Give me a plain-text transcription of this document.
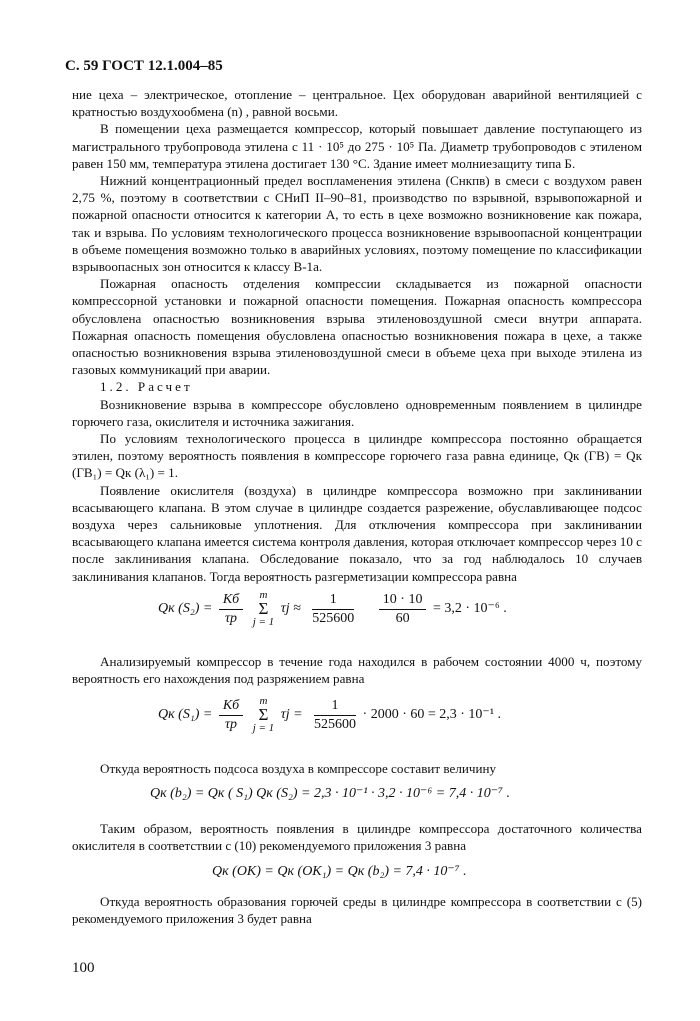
С. 59 ГОСТ 12.1.004–85

ние цеха – электрическое, отопление – центральное. Цех оборудован аварийной вентиляцией с кратностью воздухообмена (n) , равной восьми.

В помещении цеха размещается компрессор, который повышает давление поступающего из магистрального трубопровода этилена с 11 · 10⁵ до 275 · 10⁵ Па. Диаметр трубопроводов с этиленом равен 150 мм, температура этилена достигает 130 °С. Здание имеет молниезащиту типа Б.

Нижний концентрационный предел воспламенения этилена (Cнкпв) в смеси с воздухом равен 2,75 %, поэтому в соответствии с СНиП II–90–81, производство по взрывной, взрывопожарной и пожарной опасности относится к категории А, то есть в цехе возможно возникновение как пожара, так и взрыва. По условиям технологического процесса возникновение взрывоопасной концентрации в объеме помещения возможно только в аварийных условиях, поэтому помещение по классификации взрывоопасных зон относится к классу В-1а.

Пожарная опасность отделения компрессии складывается из пожарной опасности компрессорной установки и пожарной опасности помещения. Пожарная опасность компрессора обусловлена опасностью возникновения взрыва этиленовоздушной смеси внутри аппарата. Пожарная опасность помещения обусловлена опасностью возникновения пожара в цехе, а также опасностью возникновения взрыва этиленовоздушной смеси в объеме цеха при выходе этилена из газовых коммуникаций при аварии.

1.2. Расчет

Возникновение взрыва в компрессоре обусловлено одновременным появлением в цилиндре горючего газа, окислителя и источника зажигания.

По условиям технологического процесса в цилиндре компрессора постоянно обращается этилен, поэтому вероятность появления в компрессоре горючего газа равна единице, Qк (ГВ) = Qк (ГВ₁) = Qк (λ₁) = 1.

Появление окислителя (воздуха) в цилиндре компрессора возможно при заклинивании всасывающего клапана. В этом случае в цилиндре создается разрежение, обуславливающее подсос воздуха через сальниковые уплотнения. Для отключения компрессора при заклинивании всасывающего клапана имеется система контроля давления, которая отключает компрессор через 10 с после заклинивания клапана. Обследование показало, что за год наблюдалось 10 случаев заклинивания клапанов. Тогда вероятность разгерметизации компрессора равна

Qк $(S_2) = \frac{Kб}{\tau р}$ m
Σ
j = 1 $\tau j \approx \frac{1}{525600}$
$\frac{10 \cdot 10}{60} = 3,2 \cdot 10^{-6}$ .

Анализируемый компрессор в течение года находился в рабочем состоянии 4000 ч, поэтому вероятность его нахождения под разряжением равна

Qк $(S_1) = \frac{Kб}{\tau р}$ m
Σ
j = 1 $\tau j = \frac{1}{525600} \cdot 2000 \cdot 60 = 2,3 \cdot 10^{-1}$ .

Откуда вероятность подсоса воздуха в компрессоре составит величину

Qк (b₂) = Qк ( S₁) Qк (S₂) = 2,3 · 10⁻¹ · 3,2 · 10⁻⁶ = 7,4 · 10⁻⁷ .

Таким образом, вероятность появления в цилиндре компрессора достаточного количества окислителя в соответствии с (10) рекомендуемого приложения 3 равна

Qк (OK) = Qк (OK₁) = Qк (b₂) = 7,4 · 10⁻⁷ .

Откуда вероятность образования горючей среды в цилиндре компрессора в соответствии с (5) рекомендуемого приложения 3 будет равна

100
